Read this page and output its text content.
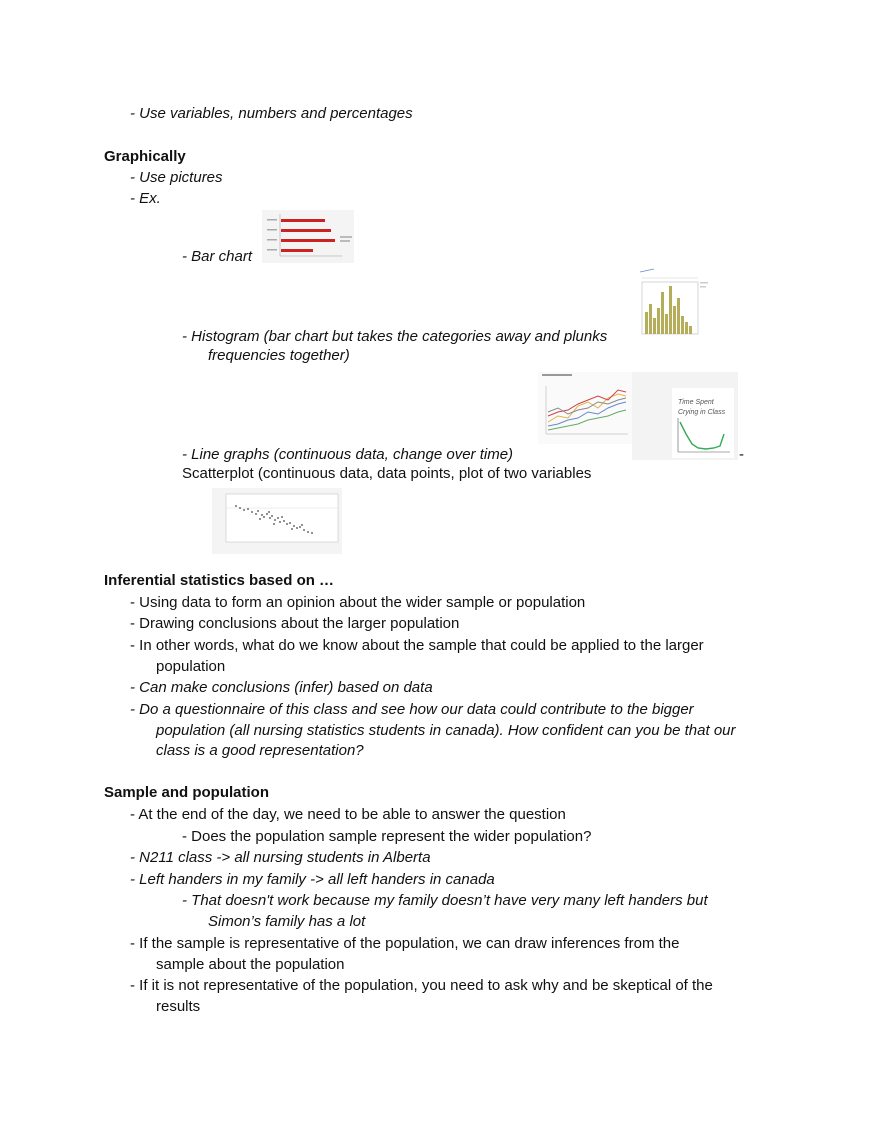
- Use variables, numbers and percentages
Graphically
- Use pictures
- Ex.
- Bar chart
- Histogram (bar chart but takes the categories away and plunks
frequencies together)
Time Spent
Crying in Class
- Line graphs (continuous data, change over time)	-
Scatterplot (continuous data, data points, plot of two variables
Inferential statistics based on …
- Using data to form an opinion about the wider sample or population
- Drawing conclusions about the larger population
- In other words, what do we know about the sample that could be applied to the larger
population
- Can make conclusions (infer) based on data
- Do a questionnaire of this class and see how our data could contribute to the bigger
population (all nursing statistics students in canada). How confident can you be that our
class is a good representation?
Sample and population
- At the end of the day, we need to be able to answer the question
- Does the population sample represent the wider population?
- N211 class -> all nursing students in Alberta
- Left handers in my family -> all left handers in canada
- That doesn't work because my family doesn’t have very many left handers but
Simon’s family has a lot
- If the sample is representative of the population, we can draw inferences from the
sample about the population
- If it is not representative of the population, you need to ask why and be skeptical of the
results
